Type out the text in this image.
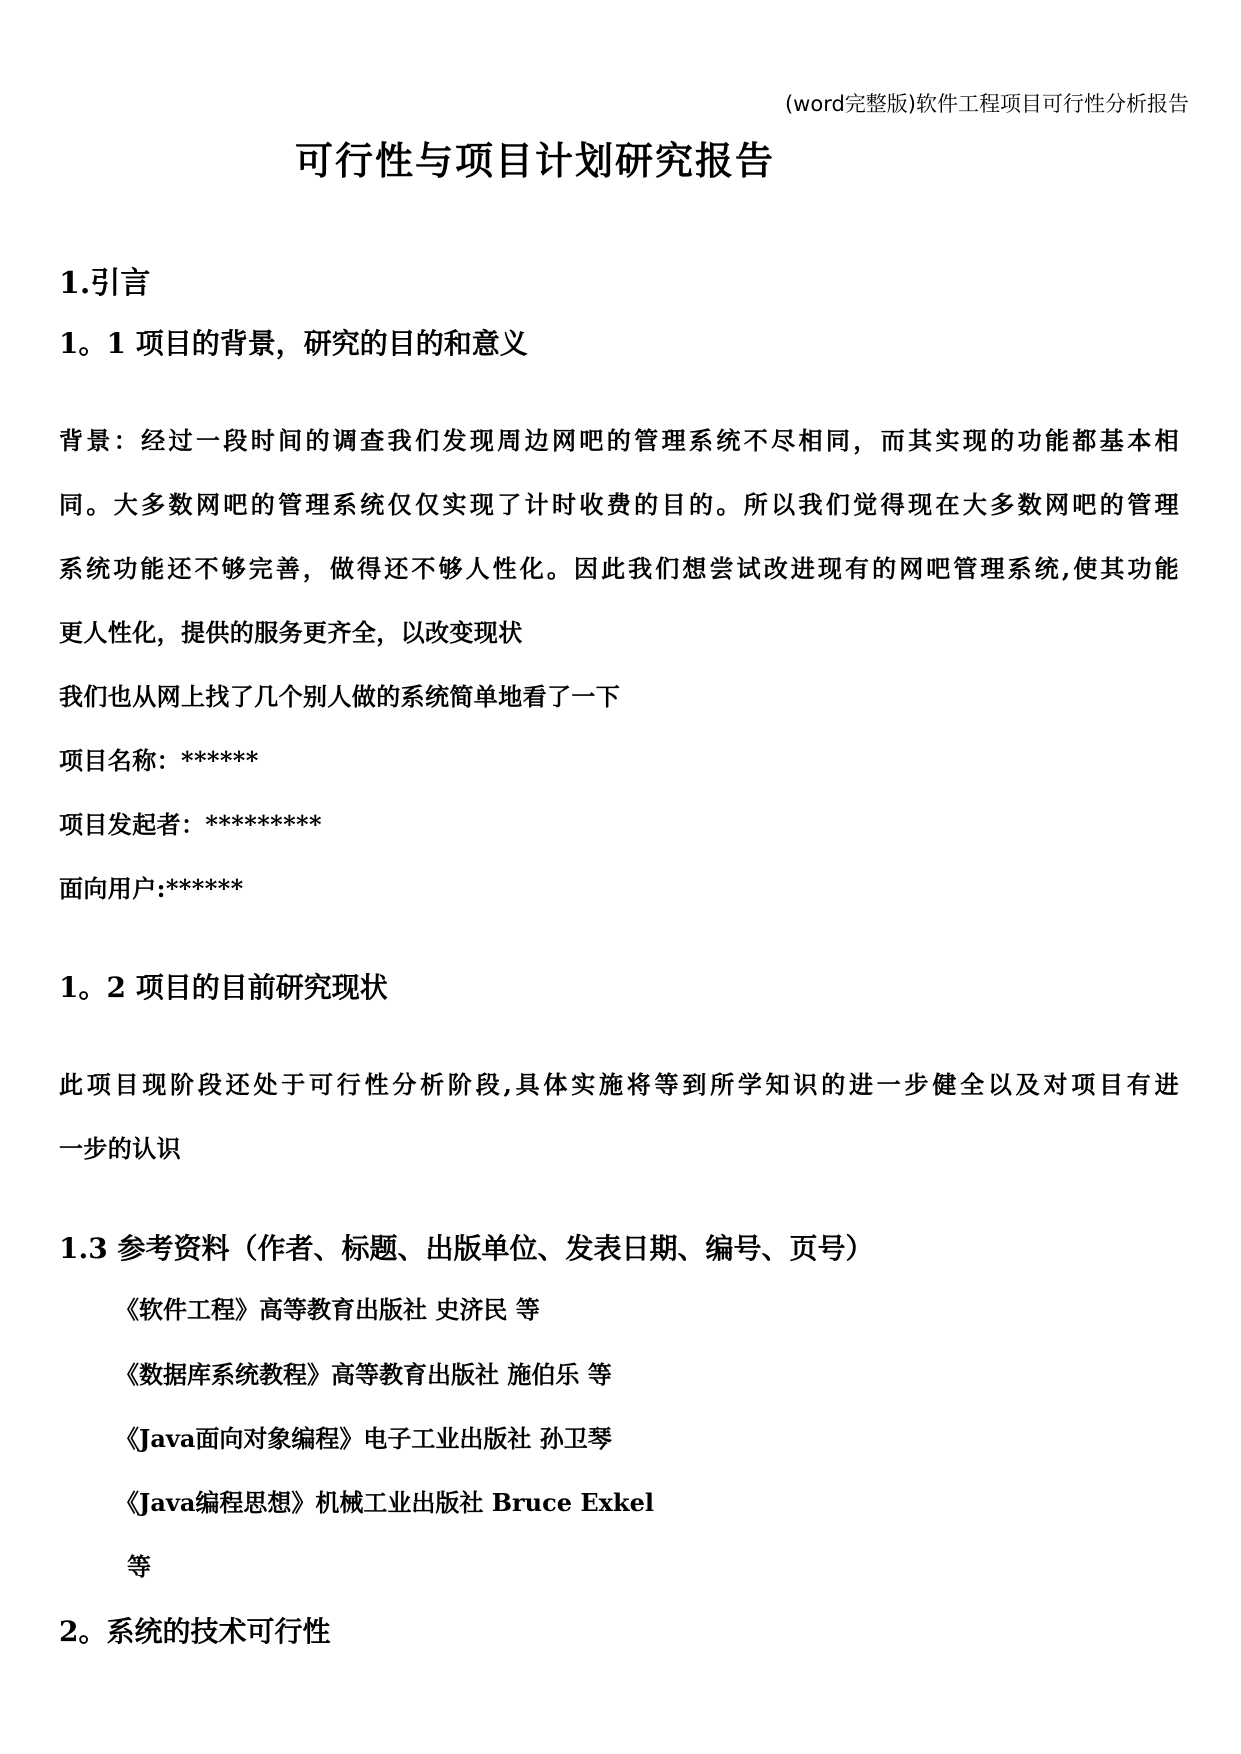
(word完整版)软件工程项目可行性分析报告
可行性与项目计划研究报告
1.引言
1。1 项目的背景，研究的目的和意义
背景：经过一段时间的调查我们发现周边网吧的管理系统不尽相同，而其实现的功能都基本相
同。大多数网吧的管理系统仅仅实现了计时收费的目的。所以我们觉得现在大多数网吧的管理
系统功能还不够完善，做得还不够人性化。因此我们想尝试改进现有的网吧管理系统,使其功能
更人性化，提供的服务更齐全，以改变现状
我们也从网上找了几个别人做的系统简单地看了一下
项目名称：******
项目发起者：*********
面向用户:******
1。2 项目的目前研究现状
此项目现阶段还处于可行性分析阶段,具体实施将等到所学知识的进一步健全以及对项目有进
一步的认识
1.3 参考资料（作者、标题、出版单位、发表日期、编号、页号）
《软件工程》高等教育出版社 史济民 等
《数据库系统教程》高等教育出版社 施伯乐 等
《Java面向对象编程》电子工业出版社 孙卫琴
《Java编程思想》机械工业出版社 Bruce Exkel
等
2。系统的技术可行性
